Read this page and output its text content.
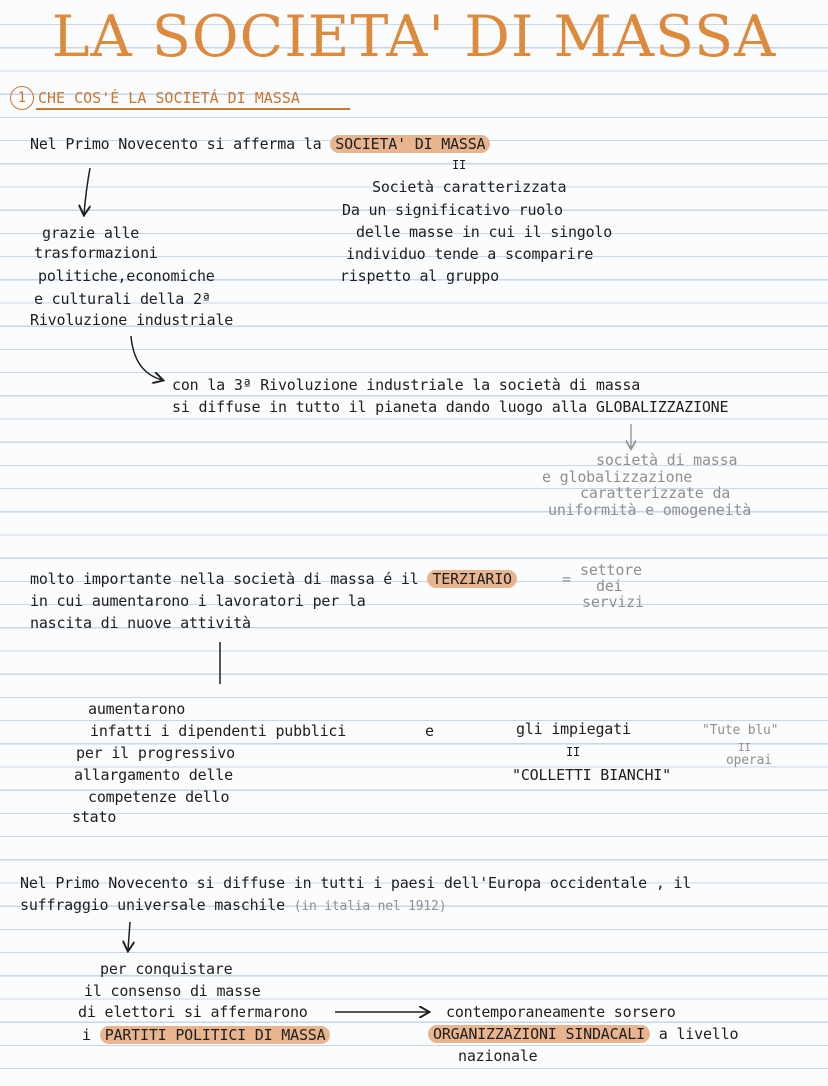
LA SOCIETA' DI MASSA
1 CHE COS'É LA SOCIETÁ DI MASSA
Nel Primo Novecento si afferma la SOCIETA' DI MASSA
II
Società caratterizzata
Da un significativo ruolo
delle masse in cui il singolo
individuo tende a scomparire
rispetto al gruppo
grazie alle
trasformazioni
politiche,economiche
e culturali della 2ª
Rivoluzione industriale
con la 3ª Rivoluzione industriale la società di massa
si diffuse in tutto il pianeta dando luogo alla GLOBALIZZAZIONE
società di massa
e globalizzazione
caratterizzate da
uniformità e omogeneità
molto importante nella società di massa é il TERZIARIO	= settore
dei
servizi
in cui aumentarono i lavoratori per la
nascita di nuove attività
aumentarono
infatti i dipendenti pubblici
per il progressivo
allargamento delle
competenze dello
stato
e	gli impiegati
II
"COLLETTI BIANCHI"
"Tute blu"
II
operai
Nel Primo Novecento si diffuse in tutti i paesi dell'Europa occidentale , il
suffraggio universale maschile (in italia nel 1912)
per conquistare
il consenso di masse
di elettori si affermarono
i PARTITI POLITICI DI MASSA
contemporaneamente sorsero
ORGANIZZAZIONI SINDACALI a livello
nazionale
